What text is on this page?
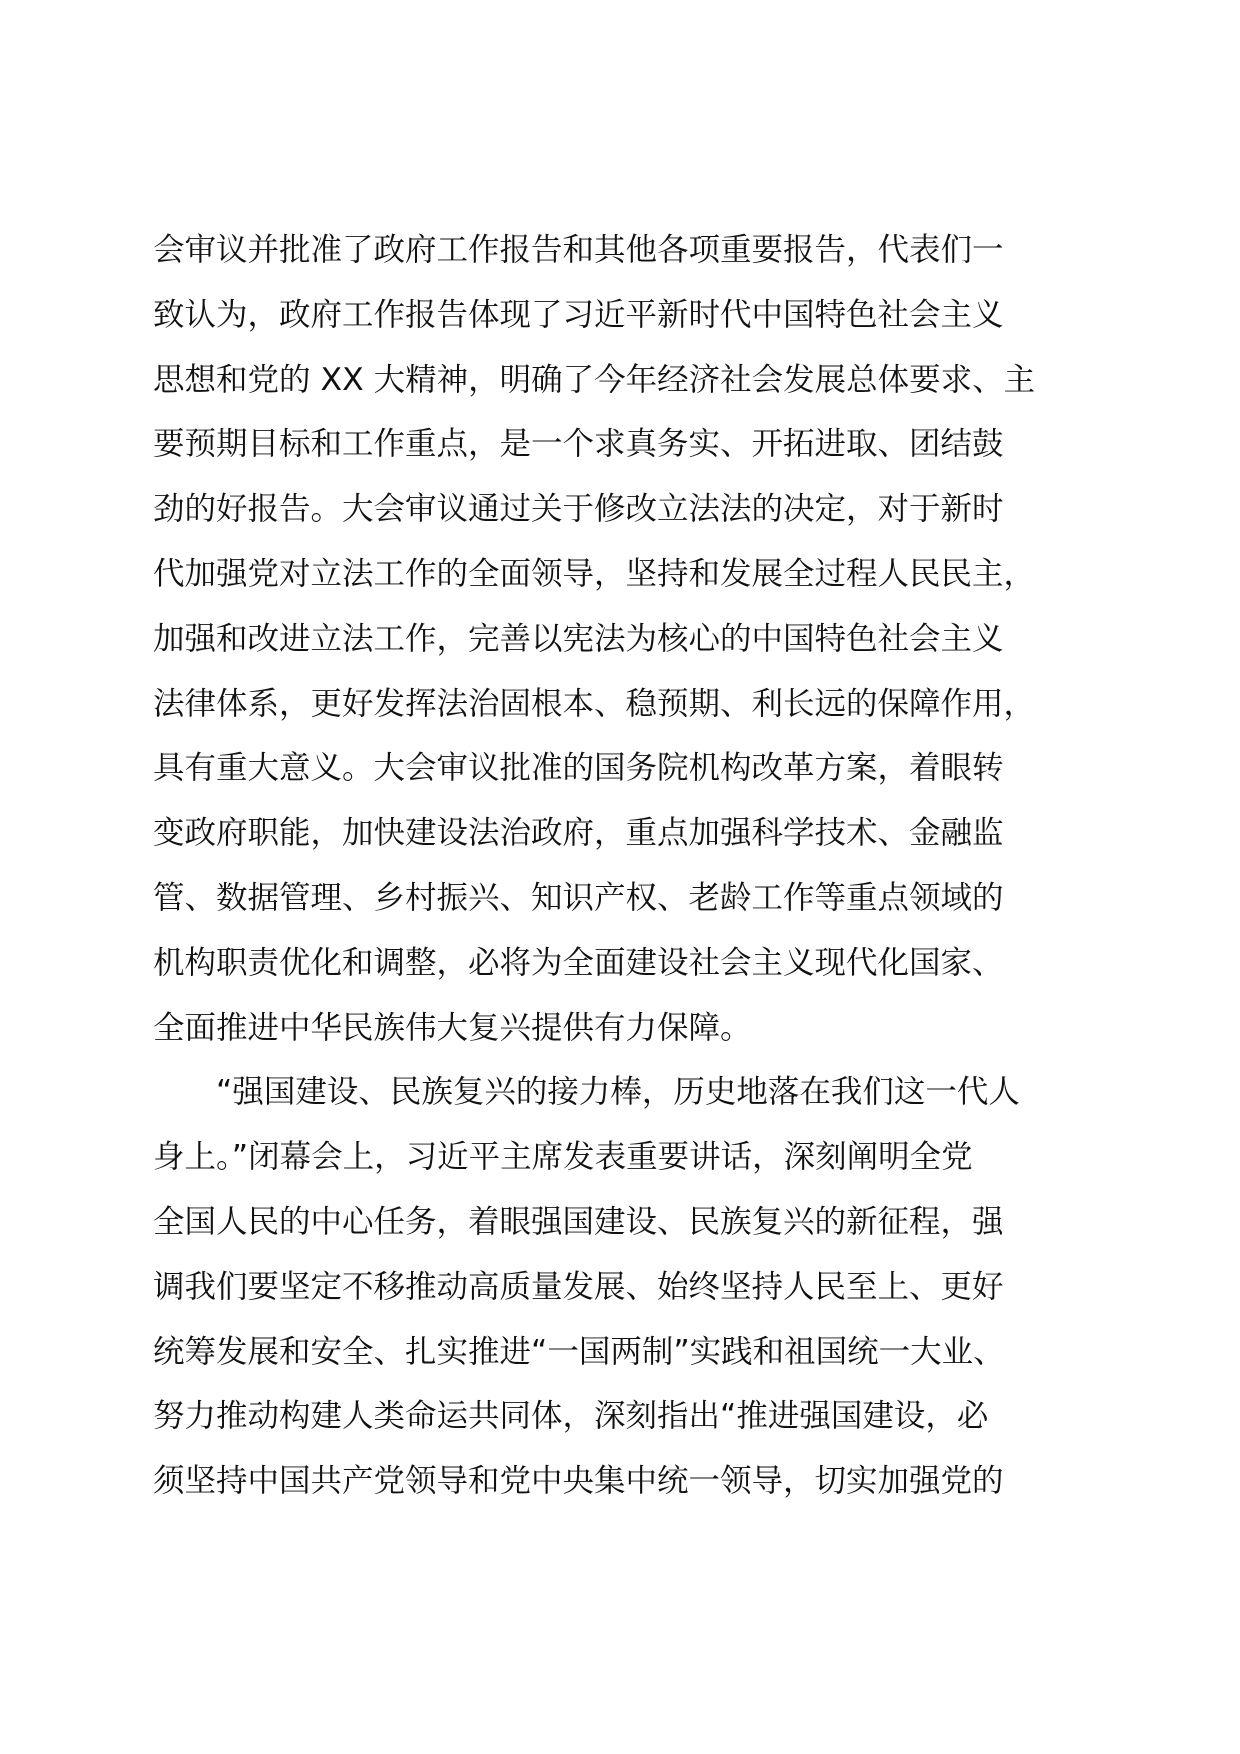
会审议并批准了政府工作报告和其他各项重要报告，代表们一
致认为，政府工作报告体现了习近平新时代中国特色社会主义
思想和党的 XX 大精神，明确了今年经济社会发展总体要求、主
要预期目标和工作重点，是一个求真务实、开拓进取、团结鼓
劲的好报告。大会审议通过关于修改立法法的决定，对于新时
代加强党对立法工作的全面领导，坚持和发展全过程人民民主，
加强和改进立法工作，完善以宪法为核心的中国特色社会主义
法律体系，更好发挥法治固根本、稳预期、利长远的保障作用，
具有重大意义。大会审议批准的国务院机构改革方案，着眼转
变政府职能，加快建设法治政府，重点加强科学技术、金融监
管、数据管理、乡村振兴、知识产权、老龄工作等重点领域的
机构职责优化和调整，必将为全面建设社会主义现代化国家、
全面推进中华民族伟大复兴提供有力保障。
“强国建设、民族复兴的接力棒，历史地落在我们这一代人
身上。”闭幕会上，习近平主席发表重要讲话，深刻阐明全党
全国人民的中心任务，着眼强国建设、民族复兴的新征程，强
调我们要坚定不移推动高质量发展、始终坚持人民至上、更好
统筹发展和安全、扎实推进“一国两制”实践和祖国统一大业、
努力推动构建人类命运共同体，深刻指出“推进强国建设，必
须坚持中国共产党领导和党中央集中统一领导，切实加强党的
